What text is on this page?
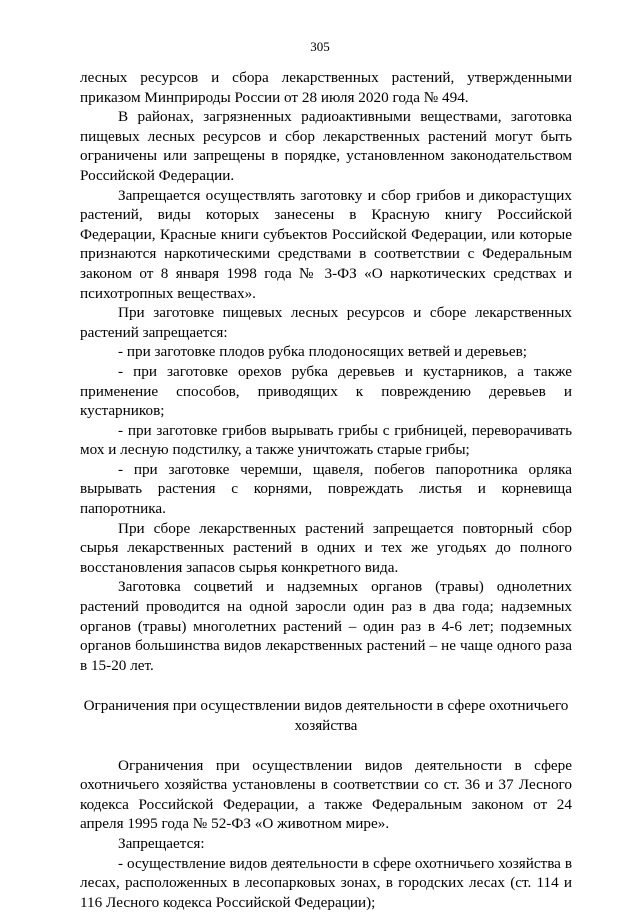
305

лесных ресурсов и сбора лекарственных растений, утвержденными приказом Минприроды России от 28 июля 2020 года № 494.

В районах, загрязненных радиоактивными веществами, заготовка пищевых лесных ресурсов и сбор лекарственных растений могут быть ограничены или запрещены в порядке, установленном законодательством Российской Федерации.

Запрещается осуществлять заготовку и сбор грибов и дикорастущих растений, виды которых занесены в Красную книгу Российской Федерации, Красные книги субъектов Российской Федерации, или которые признаются наркотическими средствами в соответствии с Федеральным законом от 8 января 1998 года № 3-ФЗ «О наркотических средствах и психотропных веществах».

При заготовке пищевых лесных ресурсов и сборе лекарственных растений запрещается:

- при заготовке плодов рубка плодоносящих ветвей и деревьев;

- при заготовке орехов рубка деревьев и кустарников, а также применение способов, приводящих к повреждению деревьев и кустарников;

- при заготовке грибов вырывать грибы с грибницей, переворачивать мох и лесную подстилку, а также уничтожать старые грибы;

- при заготовке черемши, щавеля, побегов папоротника орляка вырывать растения с корнями, повреждать листья и корневища папоротника.

При сборе лекарственных растений запрещается повторный сбор сырья лекарственных растений в одних и тех же угодьях до полного восстановления запасов сырья конкретного вида.

Заготовка соцветий и надземных органов (травы) однолетних растений проводится на одной заросли один раз в два года; надземных органов (травы) многолетних растений – один раз в 4-6 лет; подземных органов большинства видов лекарственных растений – не чаще одного раза в 15-20 лет.

Ограничения при осуществлении видов деятельности в сфере охотничьего хозяйства

Ограничения при осуществлении видов деятельности в сфере охотничьего хозяйства установлены в соответствии со ст. 36 и 37 Лесного кодекса Российской Федерации, а также Федеральным законом от 24 апреля 1995 года № 52-ФЗ «О животном мире».

Запрещается:

- осуществление видов деятельности в сфере охотничьего хозяйства в лесах, расположенных в лесопарковых зонах, в городских лесах (ст. 114 и 116 Лесного кодекса Российской Федерации);
